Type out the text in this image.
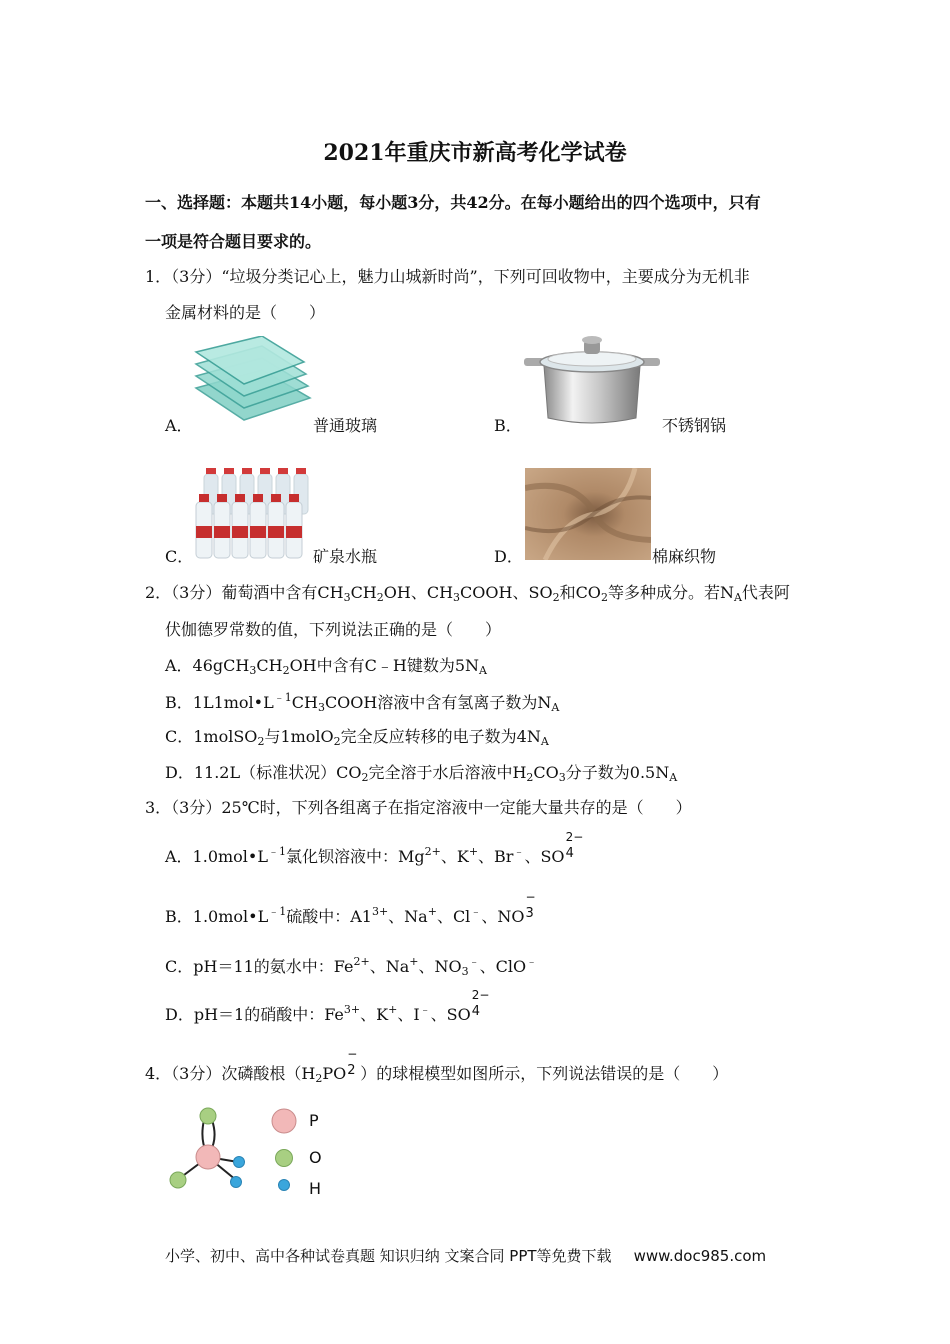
2021年重庆市新高考化学试卷
一、选择题：本题共14小题，每小题3分，共42分。在每小题给出的四个选项中，只有
一项是符合题目要求的。
1．（3分）“垃圾分类记心上，魅力山城新时尚”，下列可回收物中，主要成分为无机非
金属材料的是（　　）
A．	普通玻璃	B．	不锈钢锅
C．	矿泉水瓶	D．	棉麻织物
2．（3分）葡萄酒中含有$CH_3CH_2OH$、$CH_3COOH$、$SO_2$和$CO_2$等多种成分。若$N_A$代表阿
伏伽德罗常数的值，下列说法正确的是（　　）
A．$46gCH_3CH_2OH$中含有C﹣H键数为$5N_A$
B．$1L1mol•L^{﹣1}CH_3COOH$溶液中含有氢离子数为$N_A$
C．1molSO$_2$与1molO$_2$完全反应转移的电子数为$4N_A$
D．11.2L（标准状况）$CO_2$完全溶于水后溶液中$H_2CO_3$分子数为$0.5N_A$
3．（3分）25℃时，下列各组离子在指定溶液中一定能大量共存的是（　　）
A．$1.0mol•L^{﹣1}$氯化钡溶液中：$Mg^{2+}$、K+、Br﹣、SO
2−
4
B．$1.0mol•L^{﹣1}$硫酸中：$A1^{3+}$、Na+、Cl﹣、NO
−
3
C．pH＝11的氨水中：$Fe^{2+}$、Na+、$NO_3^﹣$、ClO﹣
D．pH＝1的硝酸中：$Fe^{3+}$、K+、I﹣、SO
2−
4
4．（3分）次磷酸根（$H_2PO$
−
2 ）的球棍模型如图所示，下列说法错误的是（　　）
P
O
H
小学、初中、高中各种试卷真题 知识归纳 文案合同 PPT等免费下载 www.doc985.com
